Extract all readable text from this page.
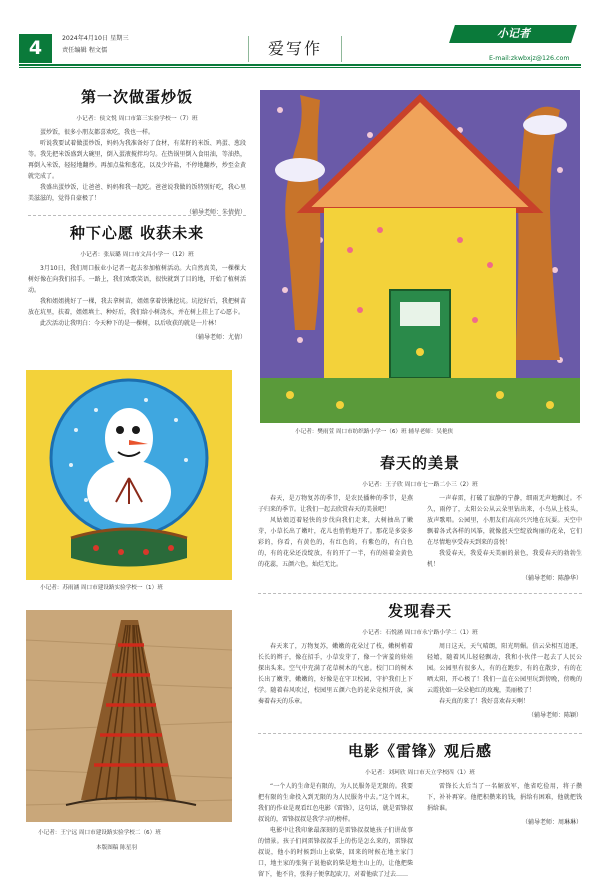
4	2024年4月10日 星期三
责任编辑 程文儒	爱写作
小记者
E-mail:zkwbxjz@126.com
第一次做蛋炒饭
小记者：侯文悦 周口市第三实验学校一（7）班

蛋炒饭，很多小朋友都喜欢吃，我也一样。

听说我要试着做蛋炒饭，妈妈为我准备好了食材，有菜籽的米饭、鸡蛋、葱段等。我先把米饭盛到大碗里，倒入蛋液搅拌均匀。在热锅里倒入食用油，等油热，再倒入米饭，轻轻地翻炒。再加点盐和葱花，以及少许盐，不停地翻炒，炒至金黄就完成了。

我盛出蛋炒饭，让爸爸、妈妈和我一起吃。爸爸说我做的饭特别好吃，我心里美滋滋的，觉得自豪极了！

（辅导老师：朱倩倩）
种下心愿 收获未来
小记者：张辰璐 周口市文昌小学一（12）班

3月10日，我们周口报业小记者一起去参加植树活动。大自然真美，一棵棵大树好像在向我们招手。一路上，我们欢歌笑语，很快就到了目的地，开始了植树活动。

我和姐姐挑好了一棵，我去拿树苗，姐姐拿着铁锹挖坑。坑挖好后，我把树苗放在坑里，扶着，姐姐填土、种好后，我们给小树浇水，并在树上挂上了心愿卡。

此次活动让我明白：今天种下的是一棵树，以后收获的就是一片林！

（辅导老师：尤倩）
小记者：苏雨涵 周口市建设路实验学校一（1）班
小记者：王宁远 周口市建设路实验学校二（6）班
本版图稿 陈星羽
小记者：樊雨萱 周口市纺织路小学一（6）班 辅导老师：吴艳侠
春天的美景
小记者：王子欣 周口市七一路二小三（2）班

春天，是万物复苏的季节，是农民播种的季节，是燕子归来的季节。让我们一起去欣赏春天的美景吧！

风姑娘迈着轻快的步伐向我们走来，大树抽出了嫩芽，小草长出了嫩叶，花儿也悄悄地开了。那花是多姿多彩的，你看，有黄色的，有红色的，有紫色的，有白色的，有的花朵还没绽放，有的开了一半，有的娃着金黄色的花蕊，五颜六色，灿烂无比。

一声春雷，打破了寂静的宁静，细雨无声地飘过。不久，雨停了，太阳公公从云朵里钻出来，小鸟从上枝头，放声歌唱。公园里，小朋友们高高兴兴地在玩耍。天空中飘着各式各样的风筝，就像蓝天空绽放绚丽的花朵，它们在尽情地享受春天到来的喜悦！

我爱春天，我爱春天美丽的景色，我爱春天的勃勃生机！

（辅导老师：陈静华）
发现春天
小记者：石悦涵 周口市永宁路小学二（1）班

春天来了，万物复苏，嫩嫩的花朵过了枝，嫩树梢着长长的辫子，像在招手，小草发芽了，像一个害羞的娃娃探出头来。空气中充满了花草树木的气息。校门口的树木长出了嫩芽，嫩嫩的，好像是在守卫校园，守护我们上下学。随着春风吹过，校园里五颜六色的花朵竞相开放，演奏着春天的乐章。

周日这天，天气晴朗，阳光明媚。信云朵相互追逐，轻嬉，随着风儿轻轻飘动，我和小伙伴一起去了人民公园。公园里有很多人，有的在跑步，有的在散步，有的在晒太阳，开心极了！我们一直在公园里玩到傍晚，傍晚的云霞犹如一朵朵艳红的玫瑰，美丽极了！

春天真的来了！我好喜欢春天啊！

（辅导老师：陈颖）
电影《雷锋》观后感
小记者：刘珂欣 周口市天立学校四（1）班

“一个人的生命是有限的，为人民服务是无限的。我要把有限的生命投入到无限的为人民服务中去。”这个周末，我们的作业是观看红色电影《雷锋》，这句话，就是雷锋叔叔说的，雷锋叔叔是我学习的榜样。

电影中让我印象最深刻的是雷锋叔叔她孩子们讲故事的情景。孩子们问雷锋叔叔手上的伤是怎么来的，雷锋叔叔说，他小的时候到山上砍柴，回来的时候在地主家门口，地主家的张狗子说他砍的柴是地主山上的，让他把柴留下，他不肯，张狗子便拿起砍刀，对着他砍了过去……

雷锋长大后当了一名解放军，他省吃俭用，将子攒下，补补再穿。他把积攒来的钱，捐给有困难，他就把钱捐给谁。

（辅导老师：周琳琳）
